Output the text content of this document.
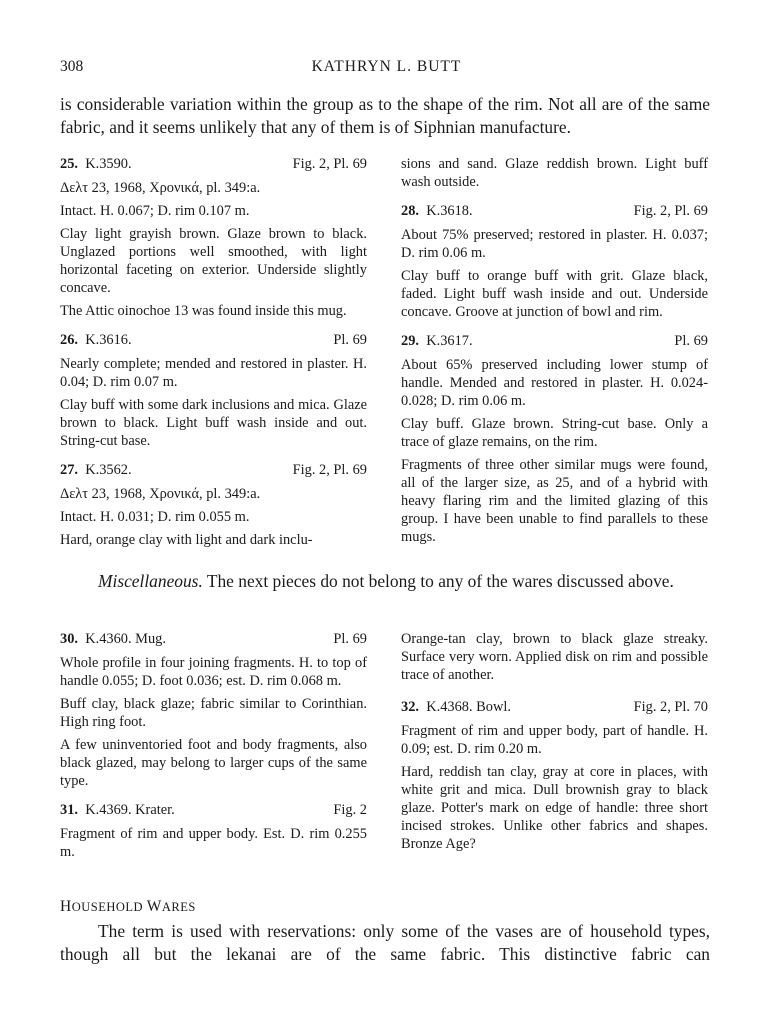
308	KATHRYN L. BUTT
is considerable variation within the group as to the shape of the rim. Not all are of the same fabric, and it seems unlikely that any of them is of Siphnian manufacture.
25. K.3590.	Fig. 2, Pl. 69

Δελτ 23, 1968, Χρονικά, pl. 349:a.

Intact. H. 0.067; D. rim 0.107 m.

Clay light grayish brown. Glaze brown to black. Unglazed portions well smoothed, with light horizontal faceting on exterior. Underside slightly concave.

The Attic oinochoe 13 was found inside this mug.

26. K.3616.	Pl. 69

Nearly complete; mended and restored in plaster. H. 0.04; D. rim 0.07 m.

Clay buff with some dark inclusions and mica. Glaze brown to black. Light buff wash inside and out. String-cut base.

27. K.3562.	Fig. 2, Pl. 69

Δελτ 23, 1968, Χρονικά, pl. 349:a.

Intact. H. 0.031; D. rim 0.055 m.

Hard, orange clay with light and dark inclu-

sions and sand. Glaze reddish brown. Light buff wash outside.

28. K.3618.	Fig. 2, Pl. 69

About 75% preserved; restored in plaster. H. 0.037; D. rim 0.06 m.

Clay buff to orange buff with grit. Glaze black, faded. Light buff wash inside and out. Underside concave. Groove at junction of bowl and rim.

29. K.3617.	Pl. 69

About 65% preserved including lower stump of handle. Mended and restored in plaster. H. 0.024-0.028; D. rim 0.06 m.

Clay buff. Glaze brown. String-cut base. Only a trace of glaze remains, on the rim.

Fragments of three other similar mugs were found, all of the larger size, as 25, and of a hybrid with heavy flaring rim and the limited glazing of this group. I have been unable to find parallels to these mugs.

Miscellaneous. The next pieces do not belong to any of the wares discussed above.

30. K.4360. Mug.	Pl. 69

Whole profile in four joining fragments. H. to top of handle 0.055; D. foot 0.036; est. D. rim 0.068 m.

Buff clay, black glaze; fabric similar to Corinthian. High ring foot.

A few uninventoried foot and body fragments, also black glazed, may belong to larger cups of the same type.

31. K.4369. Krater.	Fig. 2

Fragment of rim and upper body. Est. D. rim 0.255 m.

Orange-tan clay, brown to black glaze streaky. Surface very worn. Applied disk on rim and possible trace of another.

32. K.4368. Bowl.	Fig. 2, Pl. 70

Fragment of rim and upper body, part of handle. H. 0.09; est. D. rim 0.20 m.

Hard, reddish tan clay, gray at core in places, with white grit and mica. Dull brownish gray to black glaze. Potter's mark on edge of handle: three short incised strokes. Unlike other fabrics and shapes. Bronze Age?

HOUSEHOLD WARES

The term is used with reservations: only some of the vases are of household types, though all but the lekanai are of the same fabric. This distinctive fabric can
